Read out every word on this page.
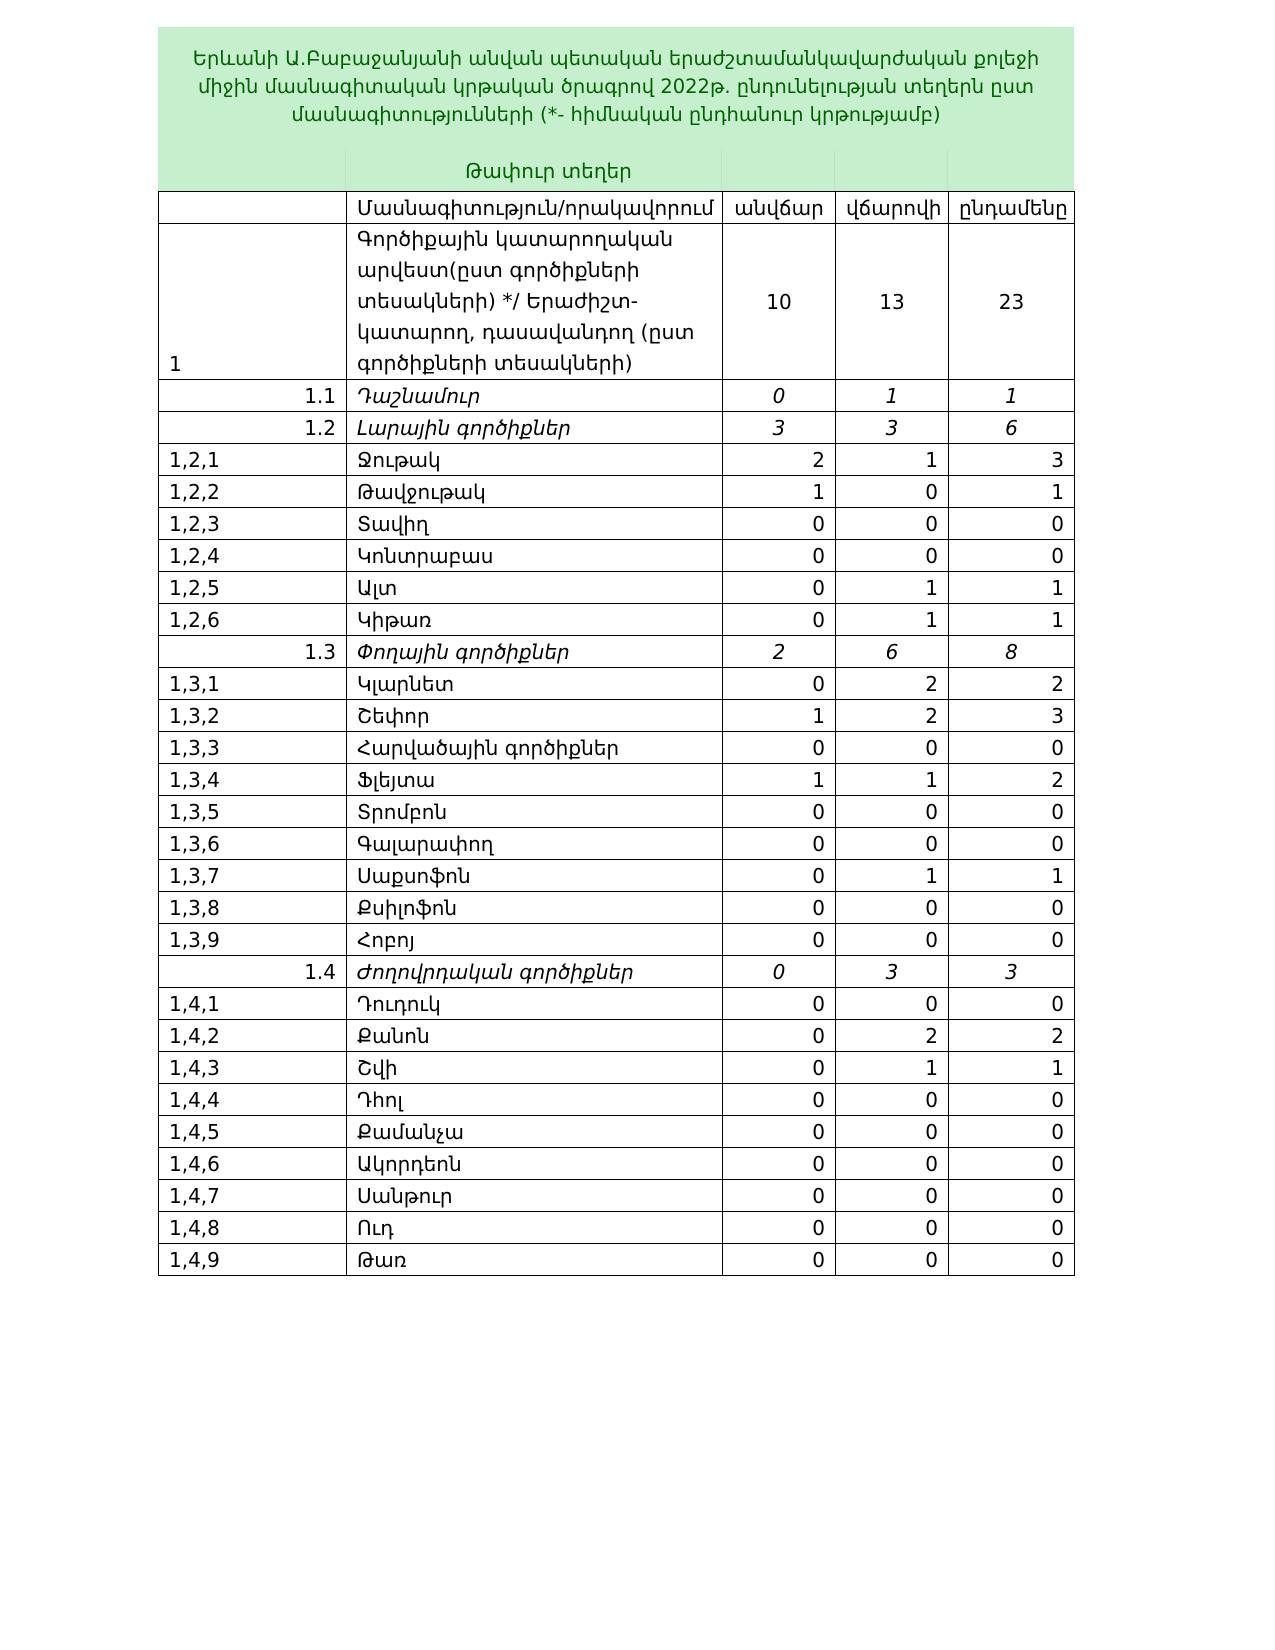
Երևանի Ա.Բաբաջանյանի անվան պետական երաժշտամանկավարժական քոլեջի միջին մասնագիտական կրթական ծրագրով 2022թ. ընդունելության տեղերն ըստ մասնագիտությունների (*- հիմնական ընդհանուր կրթությամբ)
Թափուր տեղեր
	Մասնագիտություն/որակավորում	անվճար	վճարովի	ընդամենը
1	Գործիքային կատարողական արվեստ(ըստ գործիքների տեսակների) */ Երաժիշտ-կատարող, դասավանդող (ըստ գործիքների տեսակների)	10	13	23
1.1	Դաշնամուր	0	1	1
1.2	Լարային գործիքներ	3	3	6
1,2,1	Ջութակ	2	1	3
1,2,2	Թավջութակ	1	0	1
1,2,3	Տավիղ	0	0	0
1,2,4	Կոնտրաբաս	0	0	0
1,2,5	Ալտ	0	1	1
1,2,6	Կիթառ	0	1	1
1.3	Փողային գործիքներ	2	6	8
1,3,1	Կլարնետ	0	2	2
1,3,2	Շեփոր	1	2	3
1,3,3	Հարվածային գործիքներ	0	0	0
1,3,4	Ֆլեյտա	1	1	2
1,3,5	Տրոմբոն	0	0	0
1,3,6	Գալարափող	0	0	0
1,3,7	Սաքսոֆոն	0	1	1
1,3,8	Քսիլոֆոն	0	0	0
1,3,9	Հոբոյ	0	0	0
1.4	Ժողովրդական գործիքներ	0	3	3
1,4,1	Դուդուկ	0	0	0
1,4,2	Քանոն	0	2	2
1,4,3	Շվի	0	1	1
1,4,4	Դհոլ	0	0	0
1,4,5	Քամանչա	0	0	0
1,4,6	Ակորդեոն	0	0	0
1,4,7	Սանթուր	0	0	0
1,4,8	Ուդ	0	0	0
1,4,9	Թառ	0	0	0
